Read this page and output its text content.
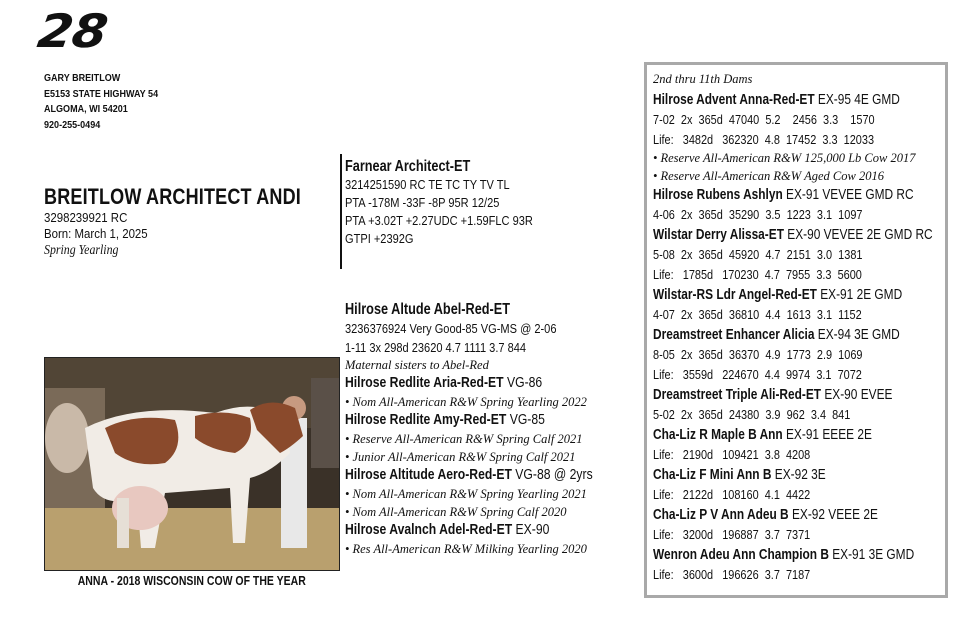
28
GARY BREITLOW
E5153 STATE HIGHWAY 54
ALGOMA, WI 54201
920-255-0494
BREITLOW ARCHITECT ANDI
3298239921 RC
Born: March 1, 2025
Spring Yearling
Farnear Architect-ET
3214251590 RC TE TC TY TV TL
PTA -178M -33F -8P 95R 12/25
PTA +3.02T +2.27UDC +1.59FLC 93R
GTPI +2392G
Hilrose Altude Abel-Red-ET
3236376924 Very Good-85 VG-MS @ 2-06
1-11 3x 298d 23620 4.7 1111 3.7 844
Maternal sisters to Abel-Red
Hilrose Redlite Aria-Red-ET VG-86
• Nom All-American R&W Spring Yearling 2022
Hilrose Redlite Amy-Red-ET VG-85
• Reserve All-American R&W Spring Calf 2021
• Junior All-American R&W Spring Calf 2021
Hilrose Altitude Aero-Red-ET VG-88 @ 2yrs
• Nom All-American R&W Spring Yearling 2021
• Nom All-American R&W Spring Calf 2020
Hilrose Avalnch Adel-Red-ET EX-90
• Res All-American R&W Milking Yearling 2020
ANNA - 2018 WISCONSIN COW OF THE YEAR
2nd thru 11th Dams
Hilrose Advent Anna-Red-ET EX-95 4E GMD
7-02  2x  365d  47040  5.2    2456  3.3    1570
Life:   3482d   362320  4.8  17452  3.3  12033
• Reserve All-American R&W 125,000 Lb Cow 2017
• Reserve All-American R&W Aged Cow 2016
Hilrose Rubens Ashlyn EX-91 VEVEE GMD RC
4-06  2x  365d  35290  3.5  1223  3.1  1097
Wilstar Derry Alissa-ET EX-90 VEVEE 2E GMD RC
5-08  2x  365d  45920  4.7  2151  3.0  1381
Life:   1785d   170230  4.7  7955  3.3  5600
Wilstar-RS Ldr Angel-Red-ET EX-91 2E GMD
4-07  2x  365d  36810  4.4  1613  3.1  1152
Dreamstreet Enhancer Alicia EX-94 3E GMD
8-05  2x  365d  36370  4.9  1773  2.9  1069
Life:   3559d   224670  4.4  9974  3.1  7072
Dreamstreet Triple Ali-Red-ET EX-90 EVEE
5-02  2x  365d  24380  3.9  962  3.4  841
Cha-Liz R Maple B Ann EX-91 EEEE 2E
Life:   2190d   109421  3.8  4208
Cha-Liz F Mini Ann B EX-92 3E
Life:   2122d   108160  4.1  4422
Cha-Liz P V Ann Adeu B EX-92 VEEE 2E
Life:   3200d   196887  3.7  7371
Wenron Adeu Ann Champion B EX-91 3E GMD
Life:   3600d   196626  3.7  7187
